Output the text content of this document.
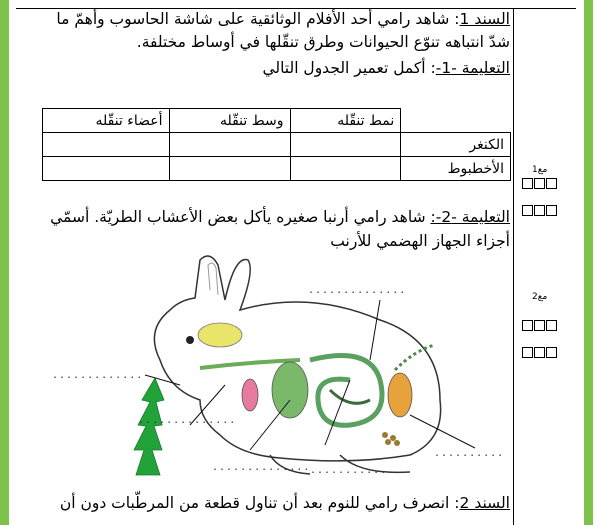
السند 1: شاهد رامي أحد الأفلام الوثائقية على شاشة الحاسوب وأهمّ ما شدّ انتباهه تنوّع الحيوانات وطرق تنقّلها في أوساط مختلفة.
التعليمة -1-: أكمل تعمير الجدول التالي
	نمط تنقّله	وسط تنقّله	أعضاء تنقّله
الكنغر			
الأخطبوط				مع1
مع2
التعليمة -2-: شاهد رامي أرنبا صغيره يأكل بعض الأعشاب الطريّة. أسمّي أجزاء الجهاز الهضمي للأرنب
..............
.............
..............
.............. ..............
..........
السند 2: انصرف رامي للنوم بعد أن تناول قطعة من المرطّبات دون أن
